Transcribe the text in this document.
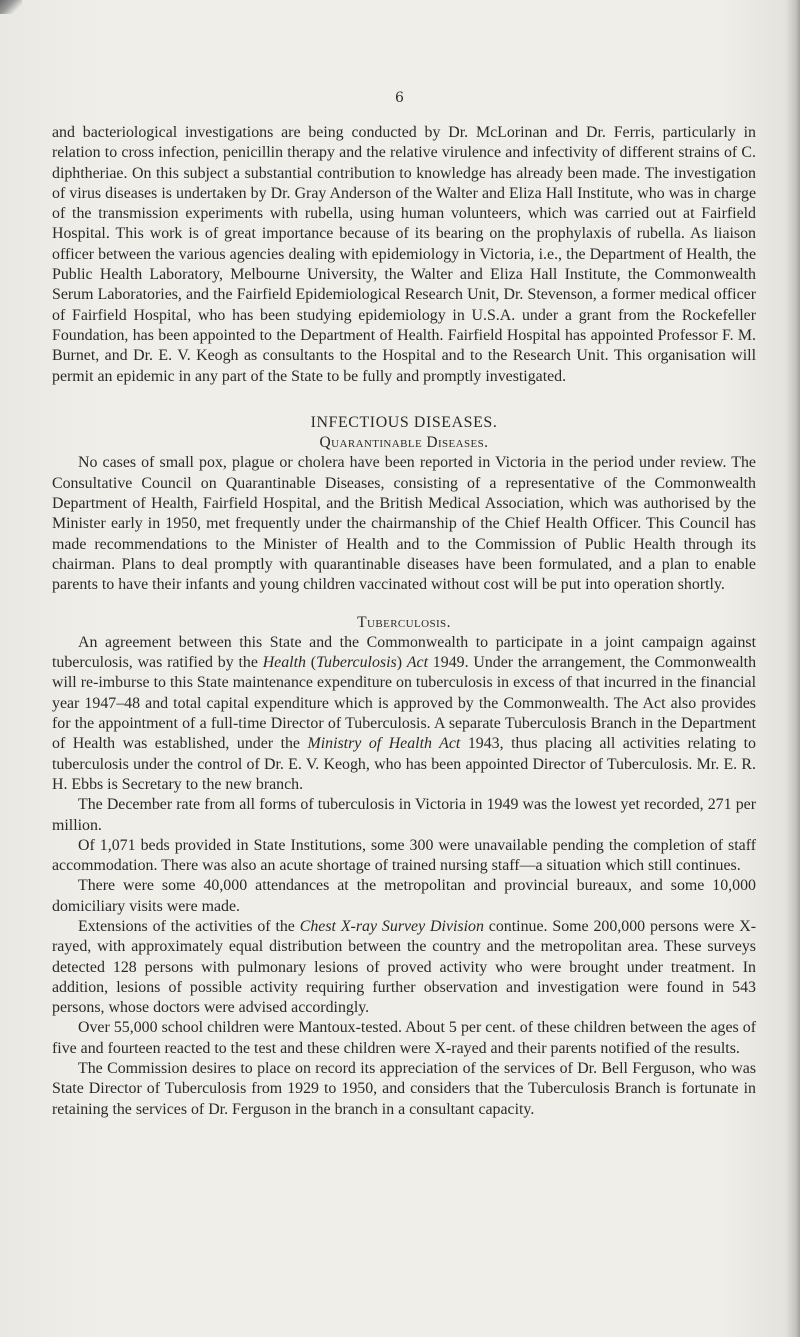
6

and bacteriological investigations are being conducted by Dr. McLorinan and Dr. Ferris, particularly in relation to cross infection, penicillin therapy and the relative virulence and infectivity of different strains of C. diphtheriae. On this subject a substantial contribution to knowledge has already been made. The investigation of virus diseases is undertaken by Dr. Gray Anderson of the Walter and Eliza Hall Institute, who was in charge of the transmission experiments with rubella, using human volunteers, which was carried out at Fairfield Hospital. This work is of great importance because of its bearing on the prophylaxis of rubella. As liaison officer between the various agencies dealing with epidemiology in Victoria, i.e., the Department of Health, the Public Health Laboratory, Melbourne University, the Walter and Eliza Hall Institute, the Commonwealth Serum Laboratories, and the Fairfield Epidemiological Research Unit, Dr. Stevenson, a former medical officer of Fairfield Hospital, who has been studying epidemiology in U.S.A. under a grant from the Rockefeller Foundation, has been appointed to the Department of Health. Fairfield Hospital has appointed Professor F. M. Burnet, and Dr. E. V. Keogh as consultants to the Hospital and to the Research Unit. This organisation will permit an epidemic in any part of the State to be fully and promptly investigated.

INFECTIOUS DISEASES.
Quarantinable Diseases.

No cases of small pox, plague or cholera have been reported in Victoria in the period under review. The Consultative Council on Quarantinable Diseases, consisting of a representative of the Commonwealth Department of Health, Fairfield Hospital, and the British Medical Association, which was authorised by the Minister early in 1950, met frequently under the chairmanship of the Chief Health Officer. This Council has made recommendations to the Minister of Health and to the Commission of Public Health through its chairman. Plans to deal promptly with quarantinable diseases have been formulated, and a plan to enable parents to have their infants and young children vaccinated without cost will be put into operation shortly.

Tuberculosis.

An agreement between this State and the Commonwealth to participate in a joint campaign against tuberculosis, was ratified by the Health (Tuberculosis) Act 1949. Under the arrangement, the Commonwealth will re-imburse to this State maintenance expenditure on tuberculosis in excess of that incurred in the financial year 1947–48 and total capital expenditure which is approved by the Commonwealth. The Act also provides for the appointment of a full-time Director of Tuberculosis. A separate Tuberculosis Branch in the Department of Health was established, under the Ministry of Health Act 1943, thus placing all activities relating to tuberculosis under the control of Dr. E. V. Keogh, who has been appointed Director of Tuberculosis. Mr. E. R. H. Ebbs is Secretary to the new branch.

The December rate from all forms of tuberculosis in Victoria in 1949 was the lowest yet recorded, 271 per million.

Of 1,071 beds provided in State Institutions, some 300 were unavailable pending the completion of staff accommodation. There was also an acute shortage of trained nursing staff—a situation which still continues.

There were some 40,000 attendances at the metropolitan and provincial bureaux, and some 10,000 domiciliary visits were made.

Extensions of the activities of the Chest X-ray Survey Division continue. Some 200,000 persons were X-rayed, with approximately equal distribution between the country and the metropolitan area. These surveys detected 128 persons with pulmonary lesions of proved activity who were brought under treatment. In addition, lesions of possible activity requiring further observation and investigation were found in 543 persons, whose doctors were advised accordingly.

Over 55,000 school children were Mantoux-tested. About 5 per cent. of these children between the ages of five and fourteen reacted to the test and these children were X-rayed and their parents notified of the results.

The Commission desires to place on record its appreciation of the services of Dr. Bell Ferguson, who was State Director of Tuberculosis from 1929 to 1950, and considers that the Tuberculosis Branch is fortunate in retaining the services of Dr. Ferguson in the branch in a consultant capacity.
